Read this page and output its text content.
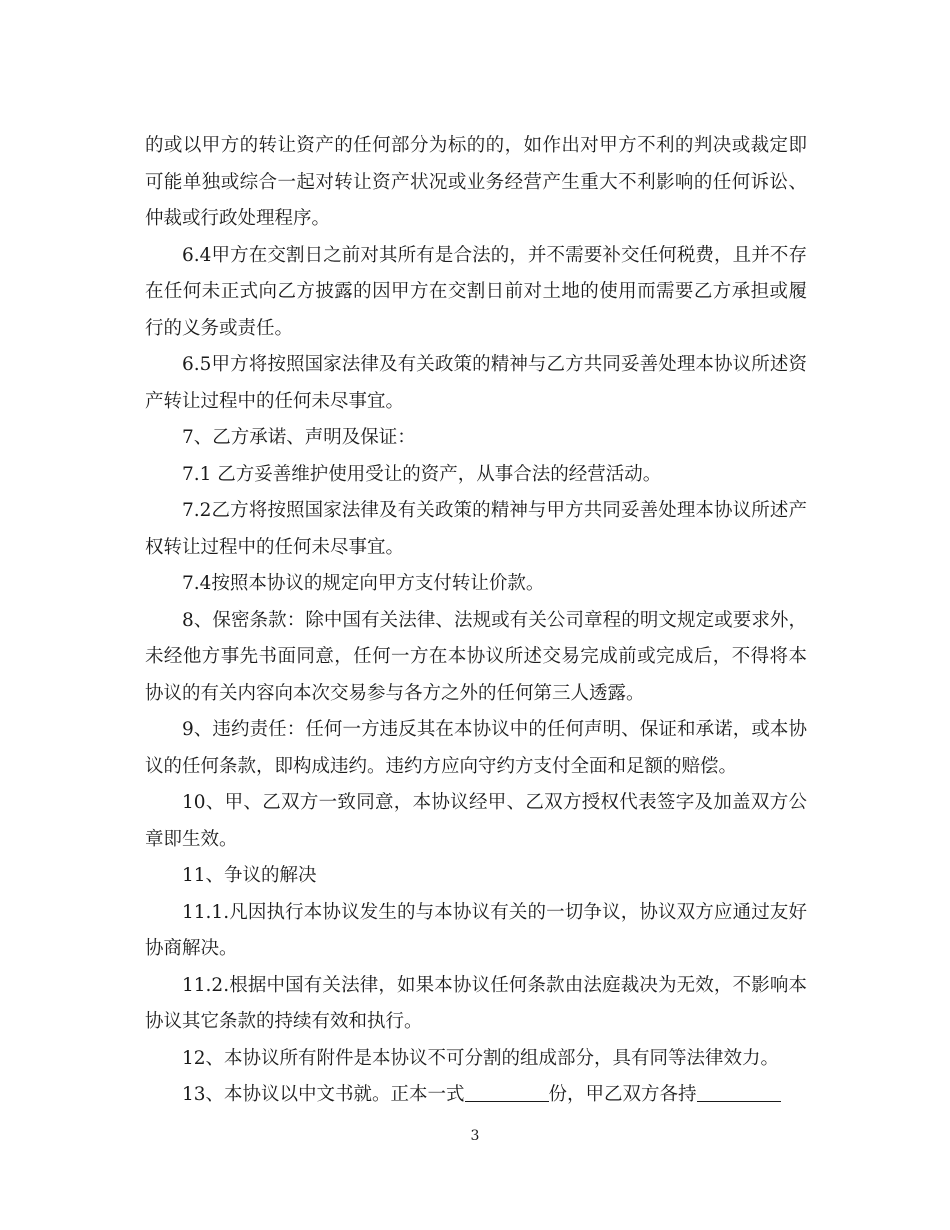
的或以甲方的转让资产的任何部分为标的的，如作出对甲方不利的判决或裁定即可能单独或综合一起对转让资产状况或业务经营产生重大不利影响的任何诉讼、仲裁或行政处理程序。

6.4甲方在交割日之前对其所有是合法的，并不需要补交任何税费，且并不存在任何未正式向乙方披露的因甲方在交割日前对土地的使用而需要乙方承担或履行的义务或责任。

6.5甲方将按照国家法律及有关政策的精神与乙方共同妥善处理本协议所述资产转让过程中的任何未尽事宜。

7、乙方承诺、声明及保证：

7.1 乙方妥善维护使用受让的资产，从事合法的经营活动。

7.2乙方将按照国家法律及有关政策的精神与甲方共同妥善处理本协议所述产权转让过程中的任何未尽事宜。

7.4按照本协议的规定向甲方支付转让价款。

8、保密条款：除中国有关法律、法规或有关公司章程的明文规定或要求外，未经他方事先书面同意，任何一方在本协议所述交易完成前或完成后，不得将本协议的有关内容向本次交易参与各方之外的任何第三人透露。

9、违约责任：任何一方违反其在本协议中的任何声明、保证和承诺，或本协议的任何条款，即构成违约。违约方应向守约方支付全面和足额的赔偿。

10、甲、乙双方一致同意，本协议经甲、乙双方授权代表签字及加盖双方公章即生效。

11、争议的解决

11.1.凡因执行本协议发生的与本协议有关的一切争议，协议双方应通过友好协商解决。

11.2.根据中国有关法律，如果本协议任何条款由法庭裁决为无效，不影响本协议其它条款的持续有效和执行。

12、本协议所有附件是本协议不可分割的组成部分，具有同等法律效力。

13、本协议以中文书就。正本一式	份，甲乙双方各持

3
